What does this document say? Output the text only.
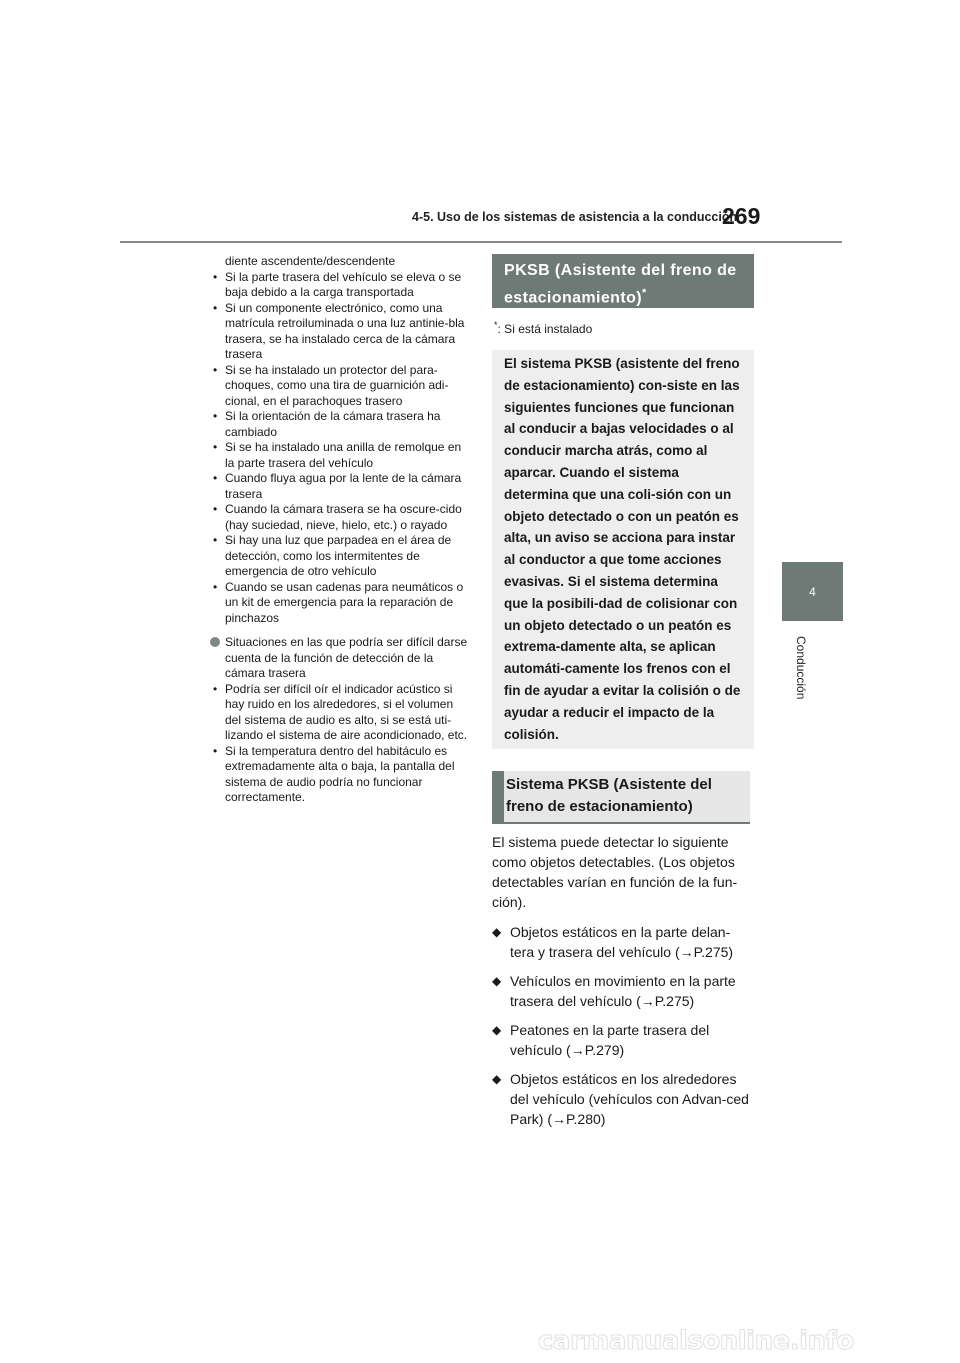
4-5. Uso de los sistemas de asistencia a la conducción
269
4
Conducción
diente ascendente/descendente
• Si la parte trasera del vehículo se eleva o se baja debido a la carga transportada
• Si un componente electrónico, como una matrícula retroiluminada o una luz antinie-bla trasera, se ha instalado cerca de la cámara trasera
• Si se ha instalado un protector del para-choques, como una tira de guarnición adi-cional, en el parachoques trasero
• Si la orientación de la cámara trasera ha cambiado
• Si se ha instalado una anilla de remolque en la parte trasera del vehículo
• Cuando fluya agua por la lente de la cámara trasera
• Cuando la cámara trasera se ha oscure-cido (hay suciedad, nieve, hielo, etc.) o rayado
• Si hay una luz que parpadea en el área de detección, como los intermitentes de emergencia de otro vehículo
• Cuando se usan cadenas para neumáticos o un kit de emergencia para la reparación de pinchazos
Situaciones en las que podría ser difícil darse cuenta de la función de detección de la cámara trasera
• Podría ser difícil oír el indicador acústico si hay ruido en los alrededores, si el volumen del sistema de audio es alto, si se está uti-lizando el sistema de aire acondicionado, etc.
• Si la temperatura dentro del habitáculo es extremadamente alta o baja, la pantalla del sistema de audio podría no funcionar correctamente.
PKSB (Asistente del freno de estacionamiento)*
*: Si está instalado
El sistema PKSB (asistente del freno de estacionamiento) con-siste en las siguientes funciones que funcionan al conducir a bajas velocidades o al conducir marcha atrás, como al aparcar. Cuando el sistema determina que una coli-sión con un objeto detectado o con un peatón es alta, un aviso se acciona para instar al conductor a que tome acciones evasivas. Si el sistema determina que la posibili-dad de colisionar con un objeto detectado o un peatón es extrema-damente alta, se aplican automáti-camente los frenos con el fin de ayudar a evitar la colisión o de ayudar a reducir el impacto de la colisión.
Sistema PKSB (Asistente del freno de estacionamiento)
El sistema puede detectar lo siguiente como objetos detectables. (Los objetos detectables varían en función de la fun-ción).
◆ Objetos estáticos en la parte delan-tera y trasera del vehículo (→P.275)
◆ Vehículos en movimiento en la parte trasera del vehículo (→P.275)
◆ Peatones en la parte trasera del vehículo (→P.279)
◆ Objetos estáticos en los alrededores del vehículo (vehículos con Advan-ced Park) (→P.280)
carmanualsonline.info
